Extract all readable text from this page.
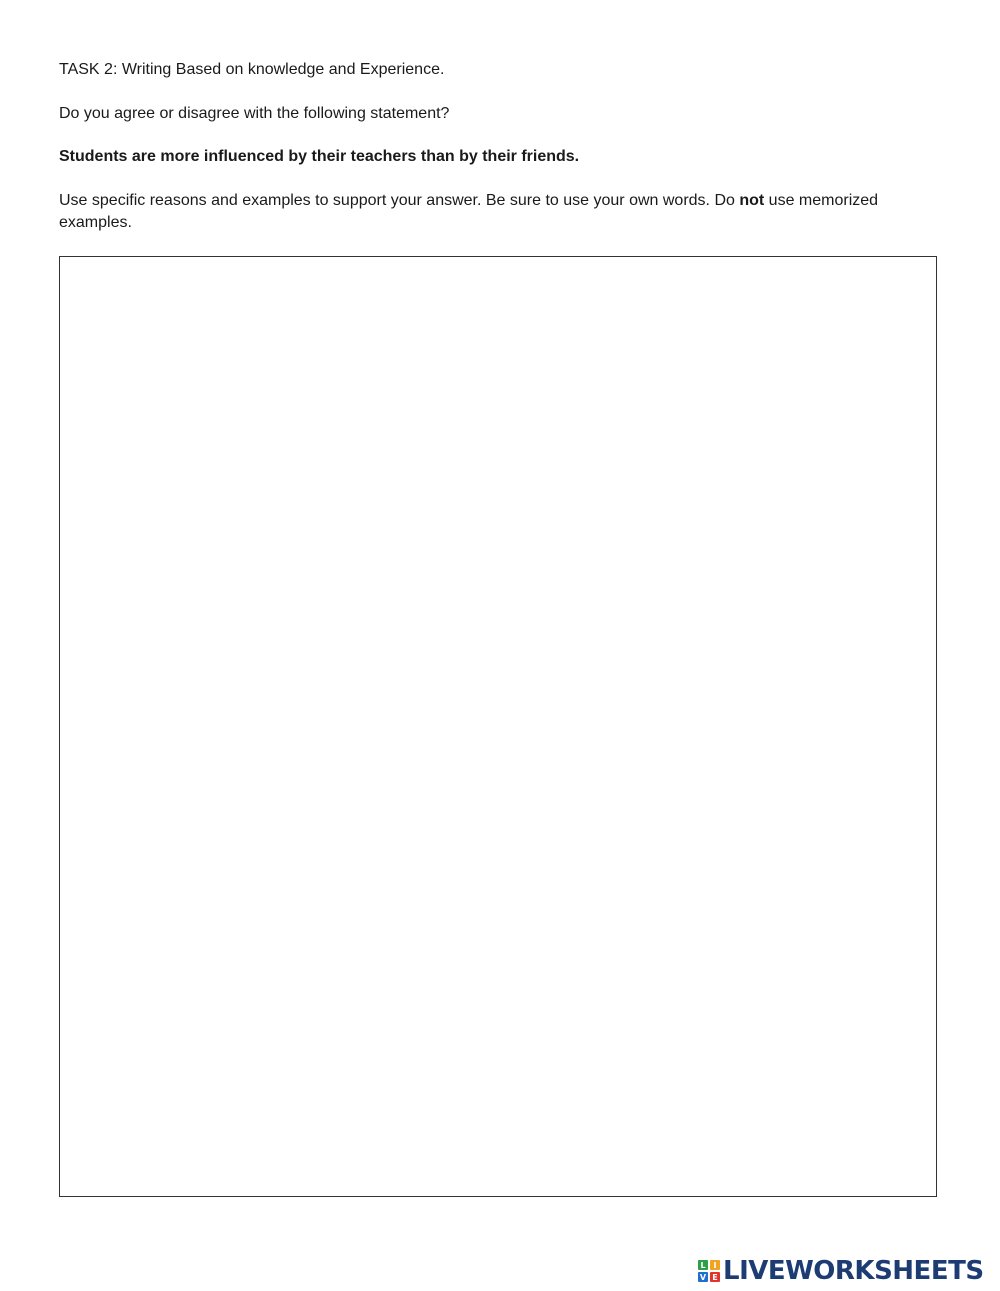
TASK 2: Writing Based on knowledge and Experience.

Do you agree or disagree with the following statement?

Students are more influenced by their teachers than by their friends.

Use specific reasons and examples to support your answer. Be sure to use your own words. Do not use memorized examples.

L I
V E LIVEWORKSHEETS
